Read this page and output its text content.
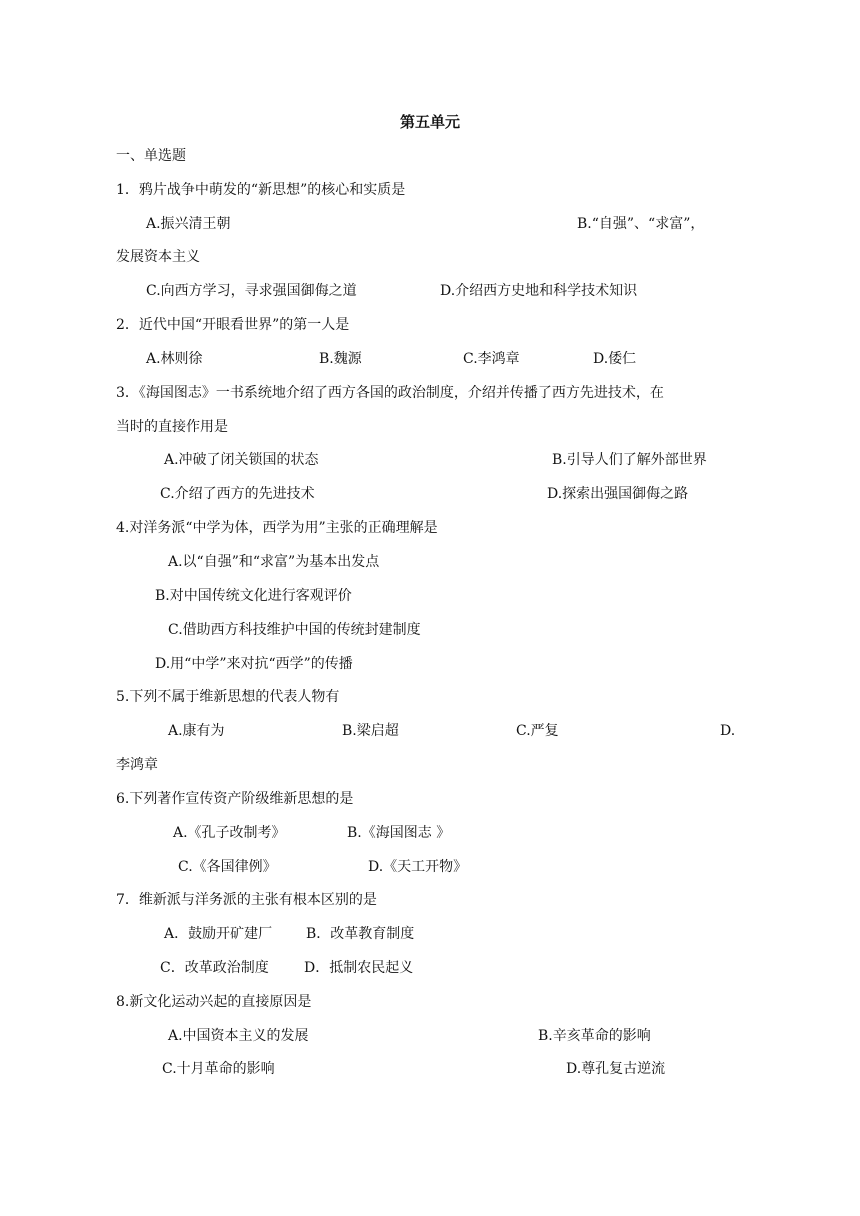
第五单元
一、单选题
1．鸦片战争中萌发的“新思想”的核心和实质是
A.振兴清王朝	B.“自强”、“求富”，
发展资本主义
C.向西方学习，寻求强国御侮之道	D.介绍西方史地和科学技术知识
2．近代中国“开眼看世界”的第一人是
A.林则徐	B.魏源	C.李鸿章	D.倭仁
3．《海国图志》一书系统地介绍了西方各国的政治制度，介绍并传播了西方先进技术，在
当时的直接作用是
A.冲破了闭关锁国的状态	B.引导人们了解外部世界
C.介绍了西方的先进技术	D.探索出强国御侮之路
4.对洋务派“中学为体，西学为用”主张的正确理解是
A.以“自强”和“求富”为基本出发点
B.对中国传统文化进行客观评价
C.借助西方科技维护中国的传统封建制度
D.用“中学”来对抗“西学”的传播
5.下列不属于维新思想的代表人物有
A.康有为	B.梁启超	C.严复	D.
李鸿章
6.下列著作宣传资产阶级维新思想的是
A.《孔子改制考》	B.《海国图志 》
C.《各国律例》	D.《天工开物》
7．维新派与洋务派的主张有根本区别的是
A．鼓励开矿建厂 B．改革教育制度
C．改革政治制度	D．抵制农民起义
8.新文化运动兴起的直接原因是
A.中国资本主义的发展	B.辛亥革命的影响
C.十月革命的影响	D.尊孔复古逆流
